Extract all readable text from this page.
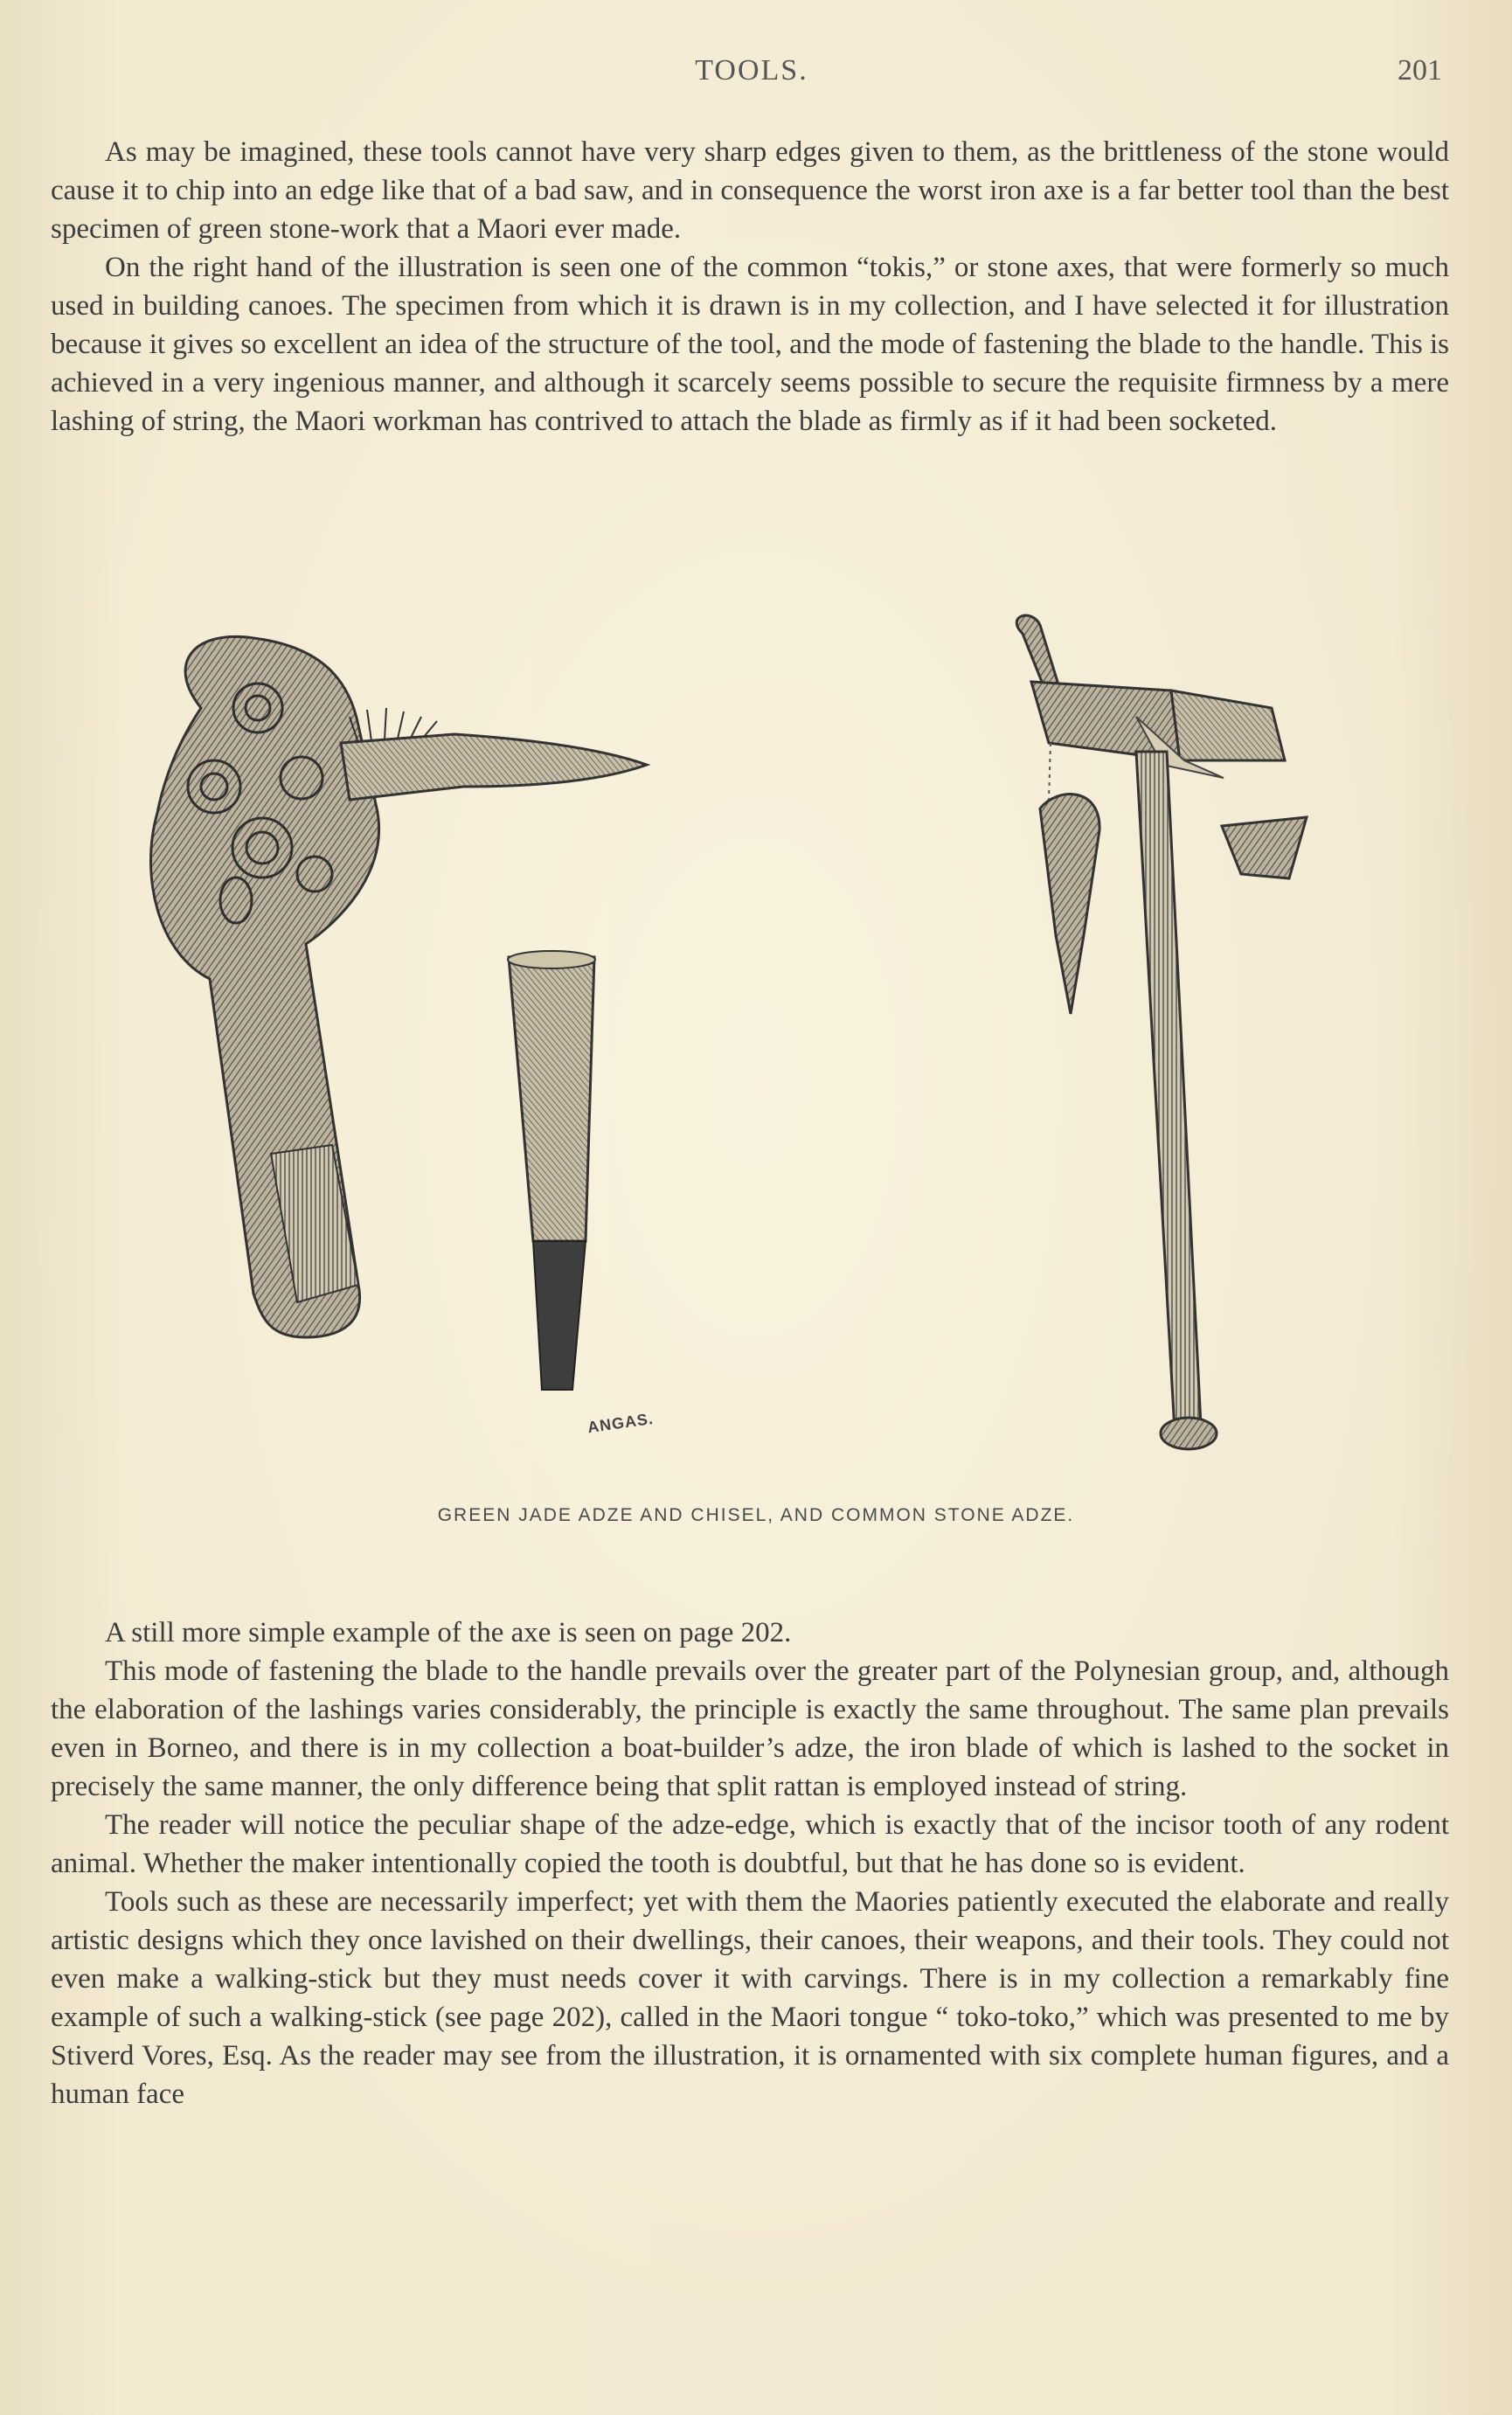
TOOLS.	201

As may be imagined, these tools cannot have very sharp edges given to them, as the brittleness of the stone would cause it to chip into an edge like that of a bad saw, and in consequence the worst iron axe is a far better tool than the best specimen of green stone-work that a Maori ever made.

On the right hand of the illustration is seen one of the common “tokis,” or stone axes, that were formerly so much used in building canoes. The specimen from which it is drawn is in my collection, and I have selected it for illustration because it gives so excellent an idea of the structure of the tool, and the mode of fastening the blade to the handle. This is achieved in a very ingenious manner, and although it scarcely seems possible to secure the requisite firmness by a mere lashing of string, the Maori workman has contrived to attach the blade as firmly as if it had been socketed.

ANGAS.
GREEN JADE ADZE AND CHISEL, AND COMMON STONE ADZE.

A still more simple example of the axe is seen on page 202.

This mode of fastening the blade to the handle prevails over the greater part of the Polynesian group, and, although the elaboration of the lashings varies considerably, the principle is exactly the same throughout. The same plan prevails even in Borneo, and there is in my collection a boat-builder’s adze, the iron blade of which is lashed to the socket in precisely the same manner, the only difference being that split rattan is employed instead of string.

The reader will notice the peculiar shape of the adze-edge, which is exactly that of the incisor tooth of any rodent animal. Whether the maker intentionally copied the tooth is doubtful, but that he has done so is evident.

Tools such as these are necessarily imperfect; yet with them the Maories patiently executed the elaborate and really artistic designs which they once lavished on their dwellings, their canoes, their weapons, and their tools. They could not even make a walking-stick but they must needs cover it with carvings. There is in my collection a remarkably fine example of such a walking-stick (see page 202), called in the Maori tongue “ toko-toko,” which was presented to me by Stiverd Vores, Esq. As the reader may see from the illustration, it is ornamented with six complete human figures, and a human face
